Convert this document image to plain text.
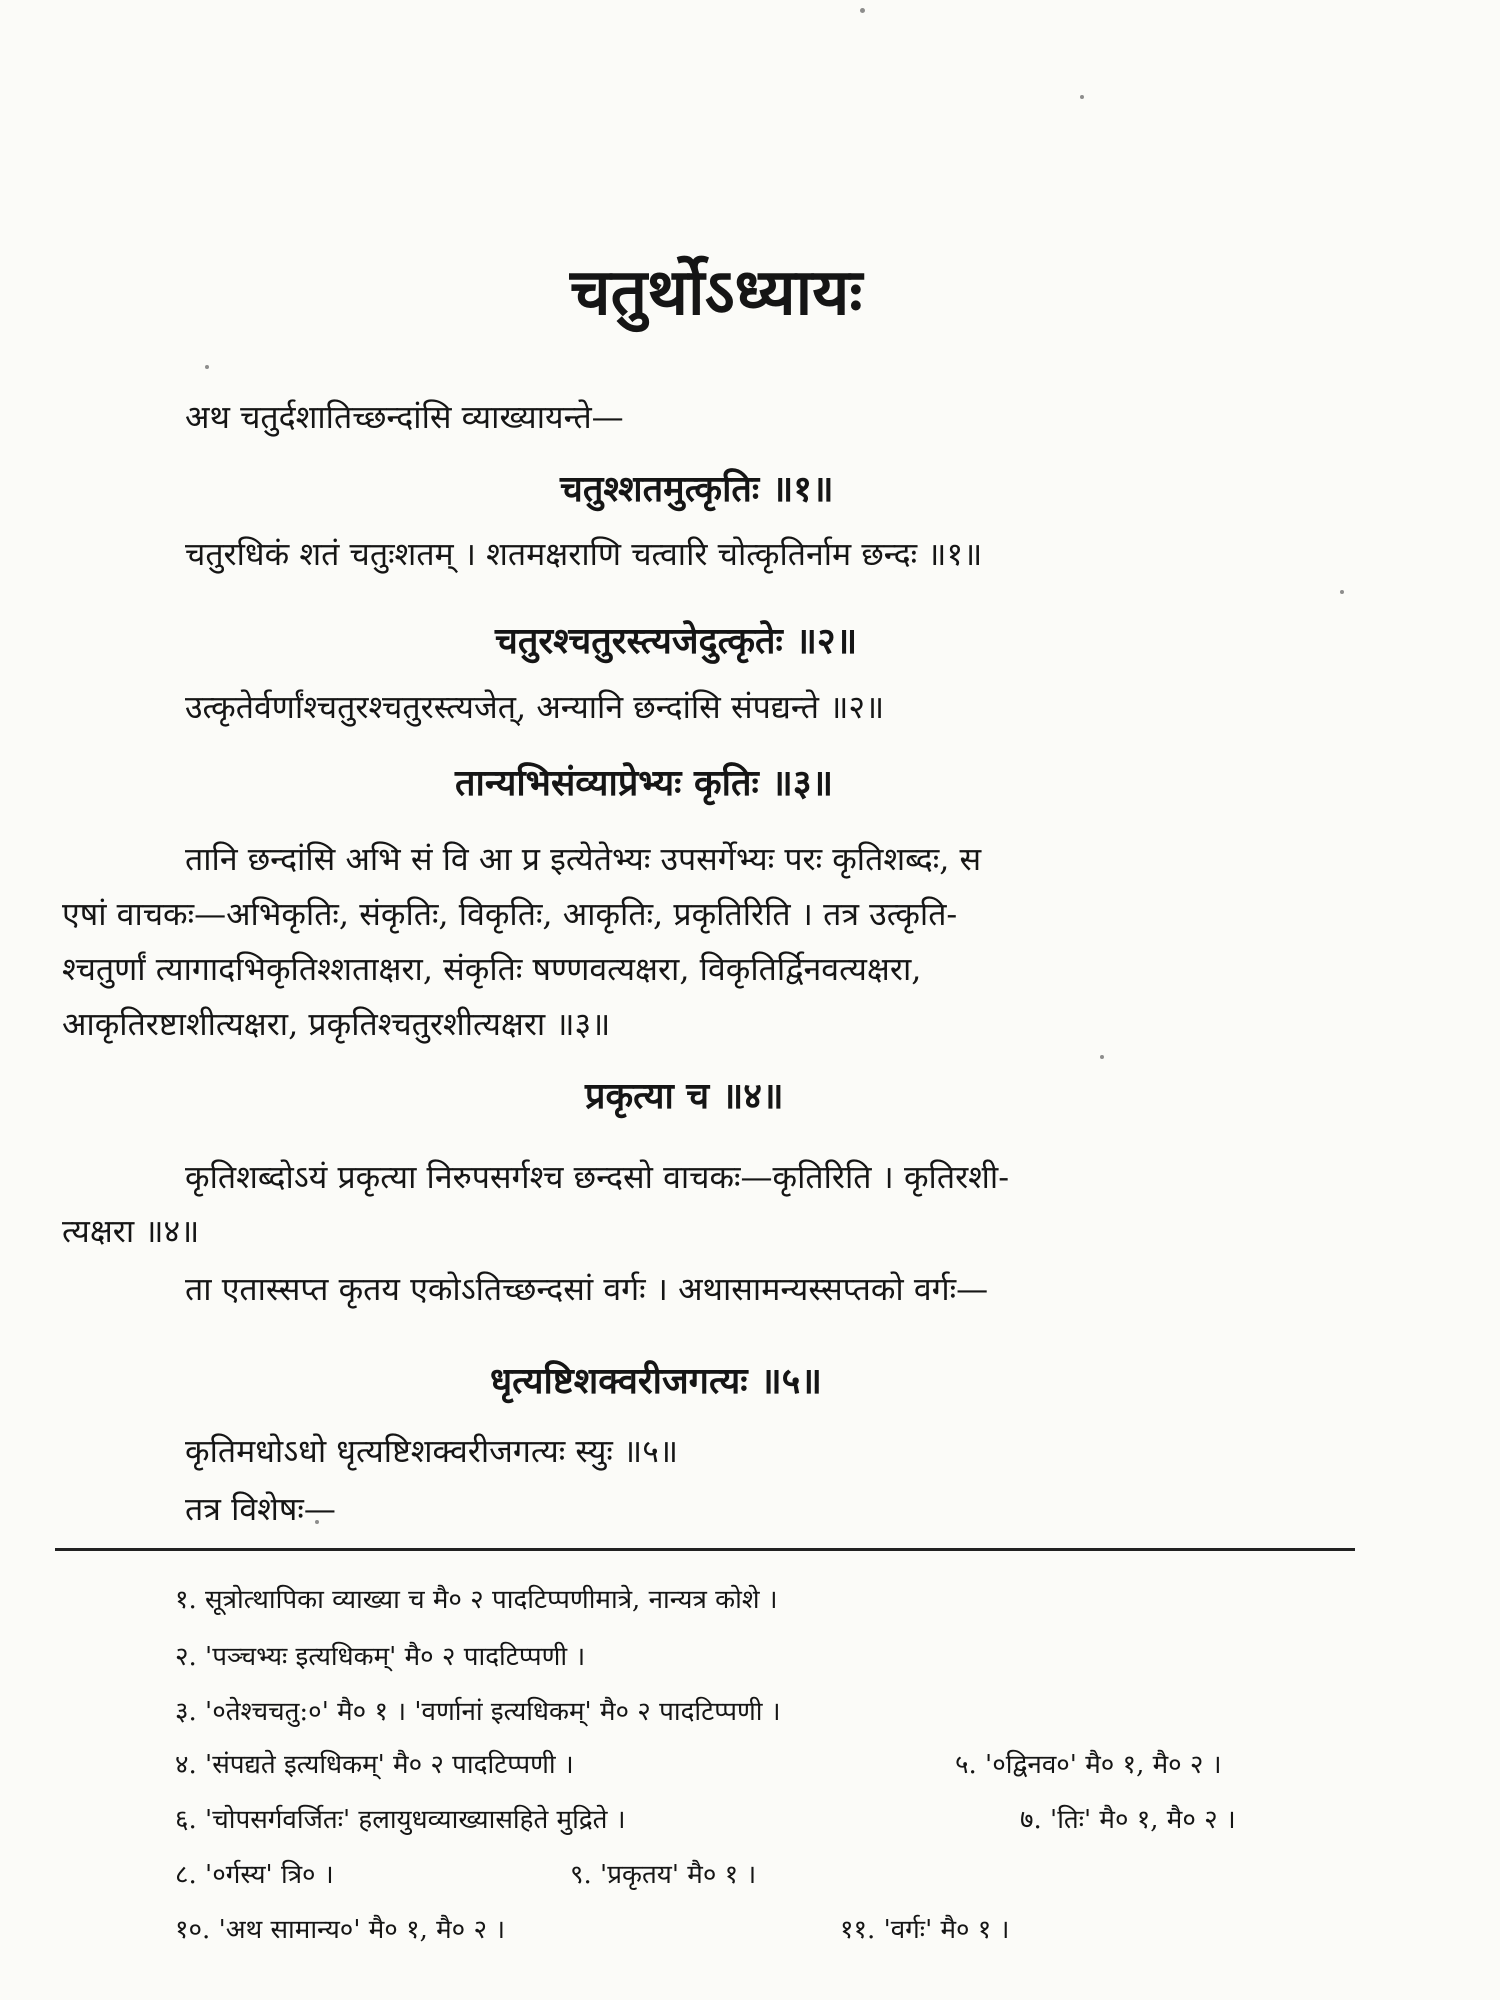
चतुर्थोऽध्यायः
अथ चतुर्दशातिच्छन्दांसि व्याख्यायन्ते—
चतुश्शतमुत्कृतिः ॥१॥
चतुरधिकं शतं चतुःशतम् । शतमक्षराणि चत्वारि चोत्कृतिर्नाम छन्दः ॥१॥
चतुरश्चतुरस्त्यजेदुत्कृतेः ॥२॥
उत्कृतेर्वर्णांश्चतुरश्चतुरस्त्यजेत्, अन्यानि छन्दांसि संपद्यन्ते ॥२॥
तान्यभिसंव्याप्रेभ्यः कृतिः ॥३॥
तानि छन्दांसि अभि सं वि आ प्र इत्येतेभ्यः उपसर्गेभ्यः परः कृतिशब्दः, स
एषां वाचकः—अभिकृतिः, संकृतिः, विकृतिः, आकृतिः, प्रकृतिरिति । तत्र उत्कृति-
श्चतुर्णां त्यागादभिकृतिश्शताक्षरा, संकृतिः षण्णवत्यक्षरा, विकृतिर्द्विनवत्यक्षरा,
आकृतिरष्टाशीत्यक्षरा, प्रकृतिश्चतुरशीत्यक्षरा ॥३॥
प्रकृत्या च ॥४॥
कृतिशब्दोऽयं प्रकृत्या निरुपसर्गश्च छन्दसो वाचकः—कृतिरिति । कृतिरशी-
त्यक्षरा ॥४॥
ता एतास्सप्त कृतय एकोऽतिच्छन्दसां वर्गः । अथासामन्यस्सप्तको वर्गः—
धृत्यष्टिशक्वरीजगत्यः ॥५॥
कृतिमधोऽधो धृत्यष्टिशक्वरीजगत्यः स्युः ॥५॥
तत्र विशेषः—
१. सूत्रोत्थापिका व्याख्या च मै० २ पादटिप्पणीमात्रे, नान्यत्र कोशे ।
२. 'पञ्चभ्यः इत्यधिकम्' मै० २ पादटिप्पणी ।
३. '०तेश्चचतु:०' मै० १ । 'वर्णानां इत्यधिकम्' मै० २ पादटिप्पणी ।
४. 'संपद्यते इत्यधिकम्' मै० २ पादटिप्पणी ।	५. '०द्विनव०' मै० १, मै० २ ।
६. 'चोपसर्गवर्जितः' हलायुधव्याख्यासहिते मुद्रिते ।	७. 'तिः' मै० १, मै० २ ।
८. '०र्गस्य' त्रि० ।	९. 'प्रकृतय' मै० १ ।
१०. 'अथ सामान्य०' मै० १, मै० २ ।	११. 'वर्गः' मै० १ ।
